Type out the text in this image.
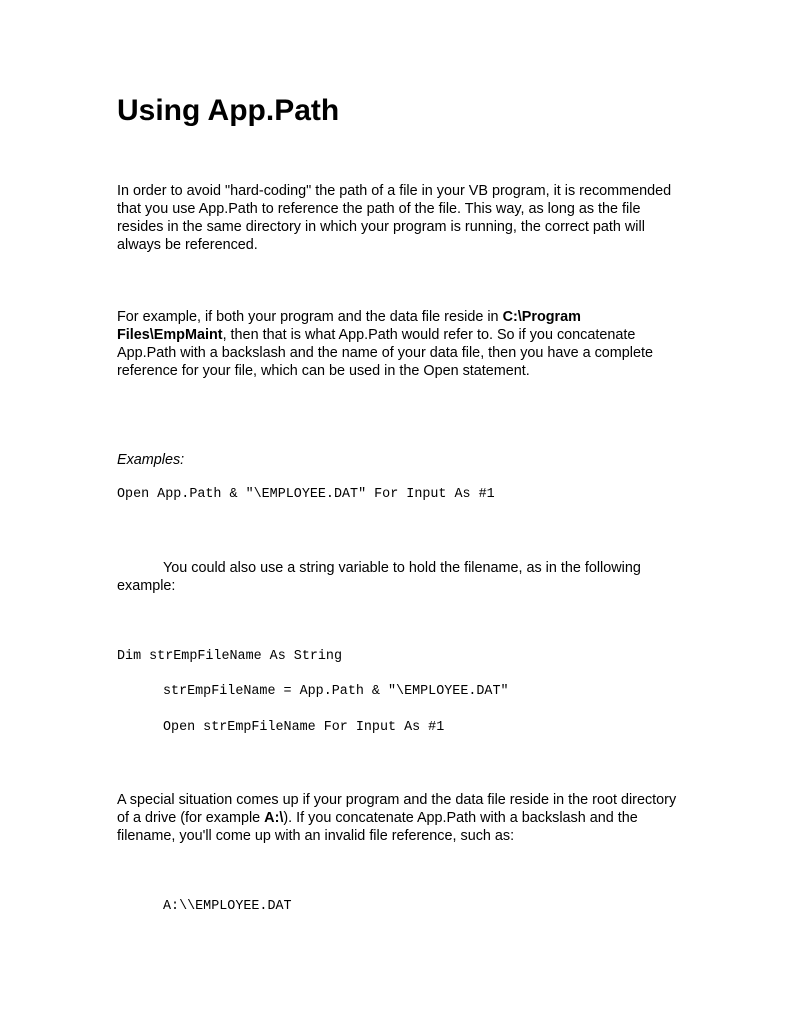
Using App.Path

In order to avoid "hard-coding" the path of a file in your VB program, it is recommended that you use App.Path to reference the path of the file. This way, as long as the file resides in the same directory in which your program is running, the correct path will always be referenced.

For example, if both your program and the data file reside in C:\Program Files\EmpMaint, then that is what App.Path would refer to. So if you concatenate App.Path with a backslash and the name of your data file, then you have a complete reference for your file, which can be used in the Open statement.

Examples:

Open App.Path & "\EMPLOYEE.DAT" For Input As #1

You could also use a string variable to hold the filename, as in the following example:

Dim strEmpFileName As String
strEmpFileName = App.Path & "\EMPLOYEE.DAT"
Open strEmpFileName For Input As #1

A special situation comes up if your program and the data file reside in the root directory of a drive (for example A:\). If you concatenate App.Path with a backslash and the filename, you'll come up with an invalid file reference, such as:

A:\\EMPLOYEE.DAT
